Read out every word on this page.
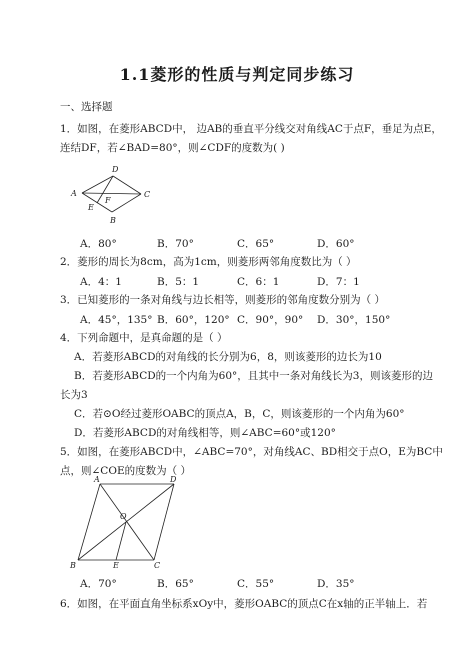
1.1菱形的性质与判定同步练习
一、选择题
1．如图，在菱形ABCD中， 边AB的垂直平分线交对角线AC于点F，垂足为点E，
连结DF，若∠BAD=80°，则∠CDF的度数为( )
A
B
C
D
E
F
A．80°	B．70°	C．65°	D．60°
2．菱形的周长为8cm，高为1cm，则菱形两邻角度数比为（ ）
A．4：1	B．5：1	C．6：1	D．7：1
3．已知菱形的一条对角线与边长相等，则菱形的邻角度数分别为（ ）
A．45°，135° B．60°，120° C．90°，90° D．30°，150°
4．下列命题中，是真命题的是（ ）
A．若菱形ABCD的对角线的长分别为6，8，则该菱形的边长为10
B．若菱形ABCD的一个内角为60°，且其中一条对角线长为3，则该菱形的边
长为3
C．若⊙O经过菱形OABC的顶点A，B，C，则该菱形的一个内角为60°
D．若菱形ABCD的对角线相等，则∠ABC=60°或120°
5．如图，在菱形ABCD中，∠ABC=70°，对角线AC、BD相交于点O，E为BC中
点，则∠COE的度数为（ ）
A	D
B	C
E
O
A．70°	B．65°	C．55°	D．35°
6．如图，在平面直角坐标系xOy中，菱形OABC的顶点C在x轴的正半轴上．若
